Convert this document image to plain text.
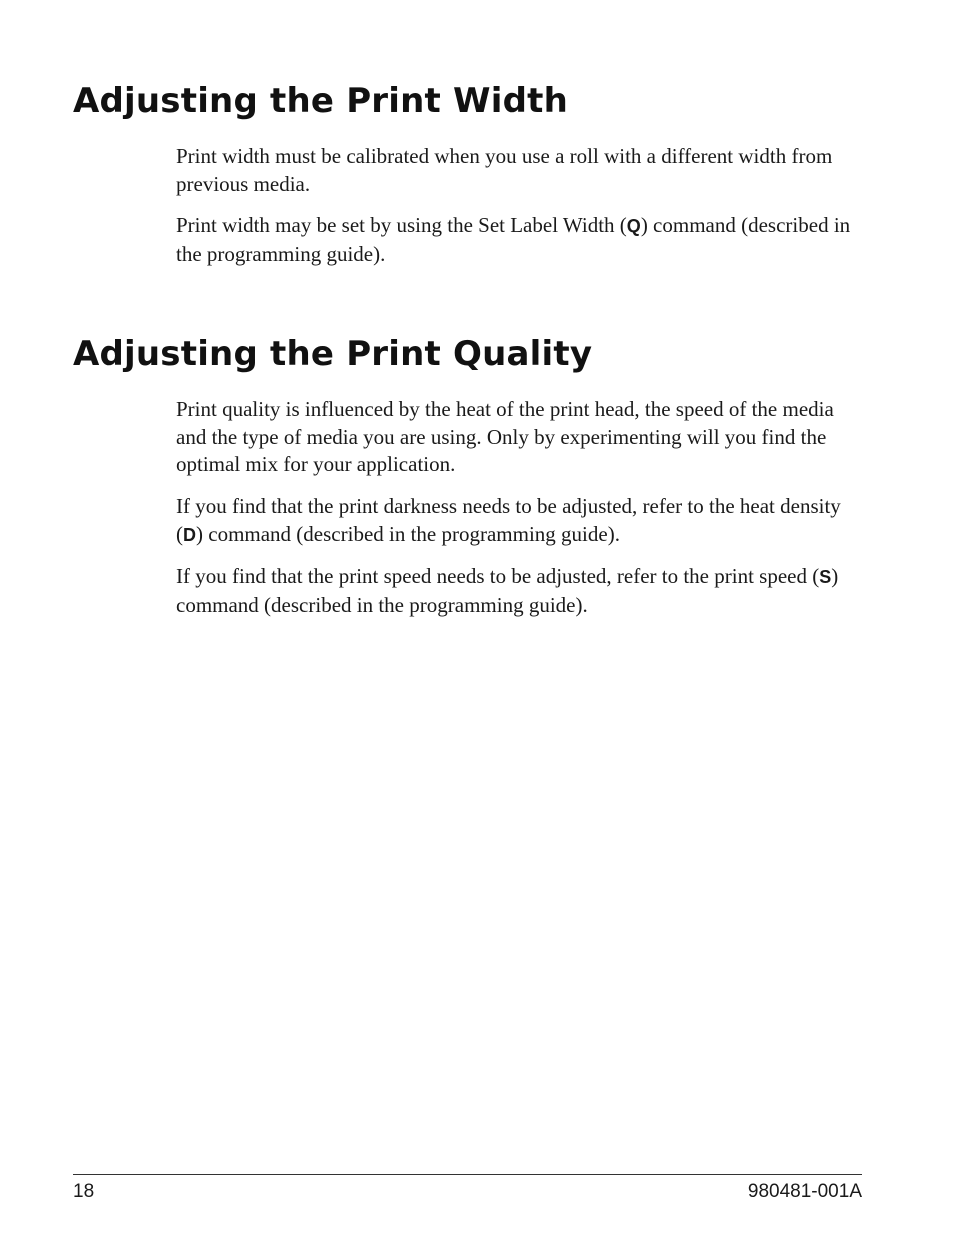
Adjusting the Print Width

Print width must be calibrated when you use a roll with a different width from previous media.

Print width may be set by using the Set Label Width (Q) command (described in the programming guide).

Adjusting the Print Quality

Print quality is influenced by the heat of the print head, the speed of the media and the type of media you are using. Only by experimenting will you find the optimal mix for your application.

If you find that the print darkness needs to be adjusted, refer to the heat density (D) command (described in the programming guide).

If you find that the print speed needs to be adjusted, refer to the print speed (S) command (described in the programming guide).

18	980481-001A
